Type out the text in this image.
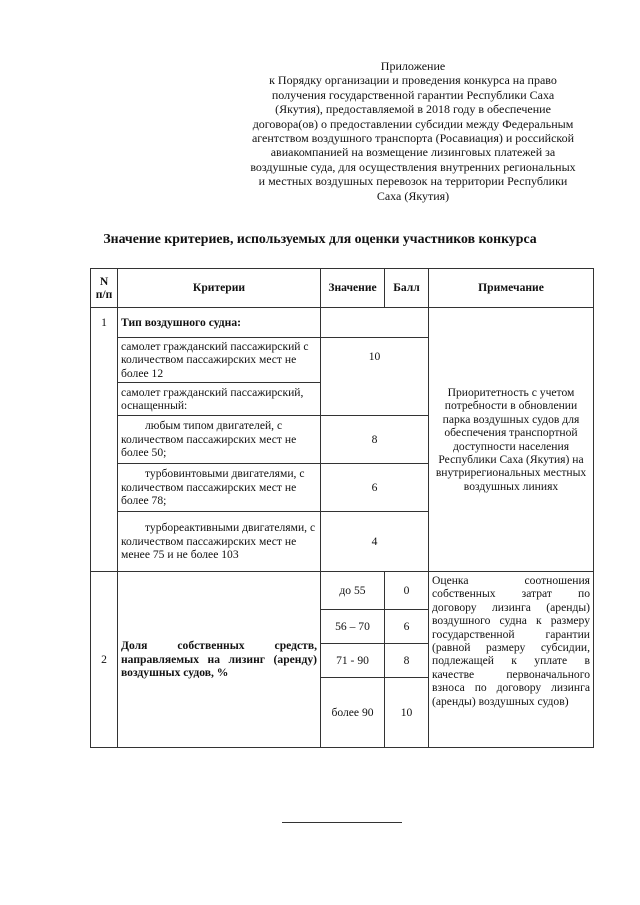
Приложение
к Порядку организации и проведения конкурса на право
получения государственной гарантии Республики Саха
(Якутия), предоставляемой в 2018 году в обеспечение
договора(ов) о предоставлении субсидии между Федеральным
агентством воздушного транспорта (Росавиация) и российской
авиакомпанией на возмещение лизинговых платежей за
воздушные суда, для осуществления внутренних региональных
и местных воздушных перевозок на территории Республики
Саха (Якутия)
Значение критериев, используемых для оценки участников конкурса
N п/п	Критерии	Значение	Балл	Примечание
1	Тип воздушного судна:			Приоритетность с учетом потребности в обновлении парка воздушных судов для обеспечения транспортной доступности населения Республики Саха (Якутия) на внутрирегиональных местных воздушных линиях
	самолет гражданский пассажирский с количеством пассажирских мест не более 12	10		
	самолет гражданский пассажирский, оснащенный:			

	любым типом двигателей, с количеством пассажирских мест не более 50;	8		

	турбовинтовыми двигателями, с количеством пассажирских мест не более 78;	6		

	турбореактивными двигателями, с количеством пассажирских мест не менее 75 и не более 103	4		
2	Доля собственных средств, направляемых на лизинг (аренду) воздушных судов, %	до 55	0	Оценка соотношения собственных затрат по договору лизинга (аренды) воздушного судна к размеру государственной гарантии (равной размеру субсидии, подлежащей к уплате в качестве первоначального взноса по договору лизинга (аренды) воздушных судов)
		56 – 70	6	
		71 - 90	8	
		более 90	10	
